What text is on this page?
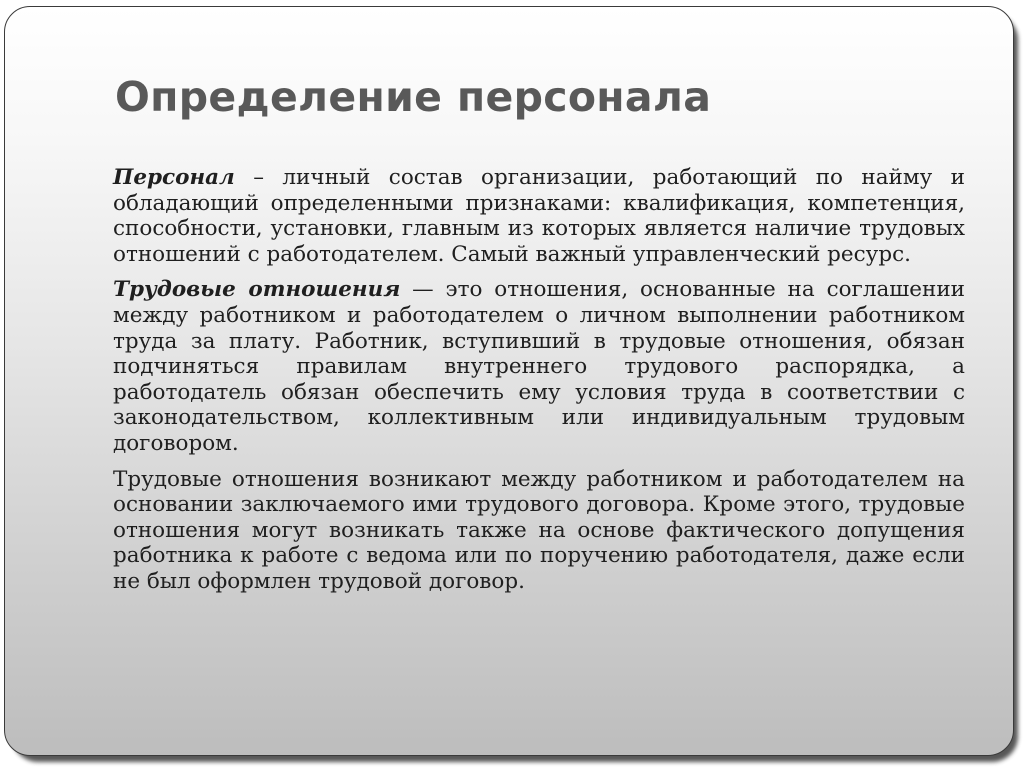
Определение персонала

Персонал – личный состав организации, работающий по найму и обладающий определенными признаками: квалификация, компетенция, способности, установки, главным из которых является наличие трудовых отношений с работодателем. Самый важный управленческий ресурс.

Трудовые отношения — это отношения, основанные на соглашении между работником и работодателем о личном выполнении работником труда за плату. Работник, вступивший в трудовые отношения, обязан подчиняться правилам внутреннего трудового распорядка, а работодатель обязан обеспечить ему условия труда в соответствии с законодательством, коллективным или индивидуальным трудовым договором.

Трудовые отношения возникают между работником и работодателем на основании заключаемого ими трудового договора. Кроме этого, трудовые отношения могут возникать также на основе фактического допущения работника к работе с ведома или по поручению работодателя, даже если не был оформлен трудовой договор.
